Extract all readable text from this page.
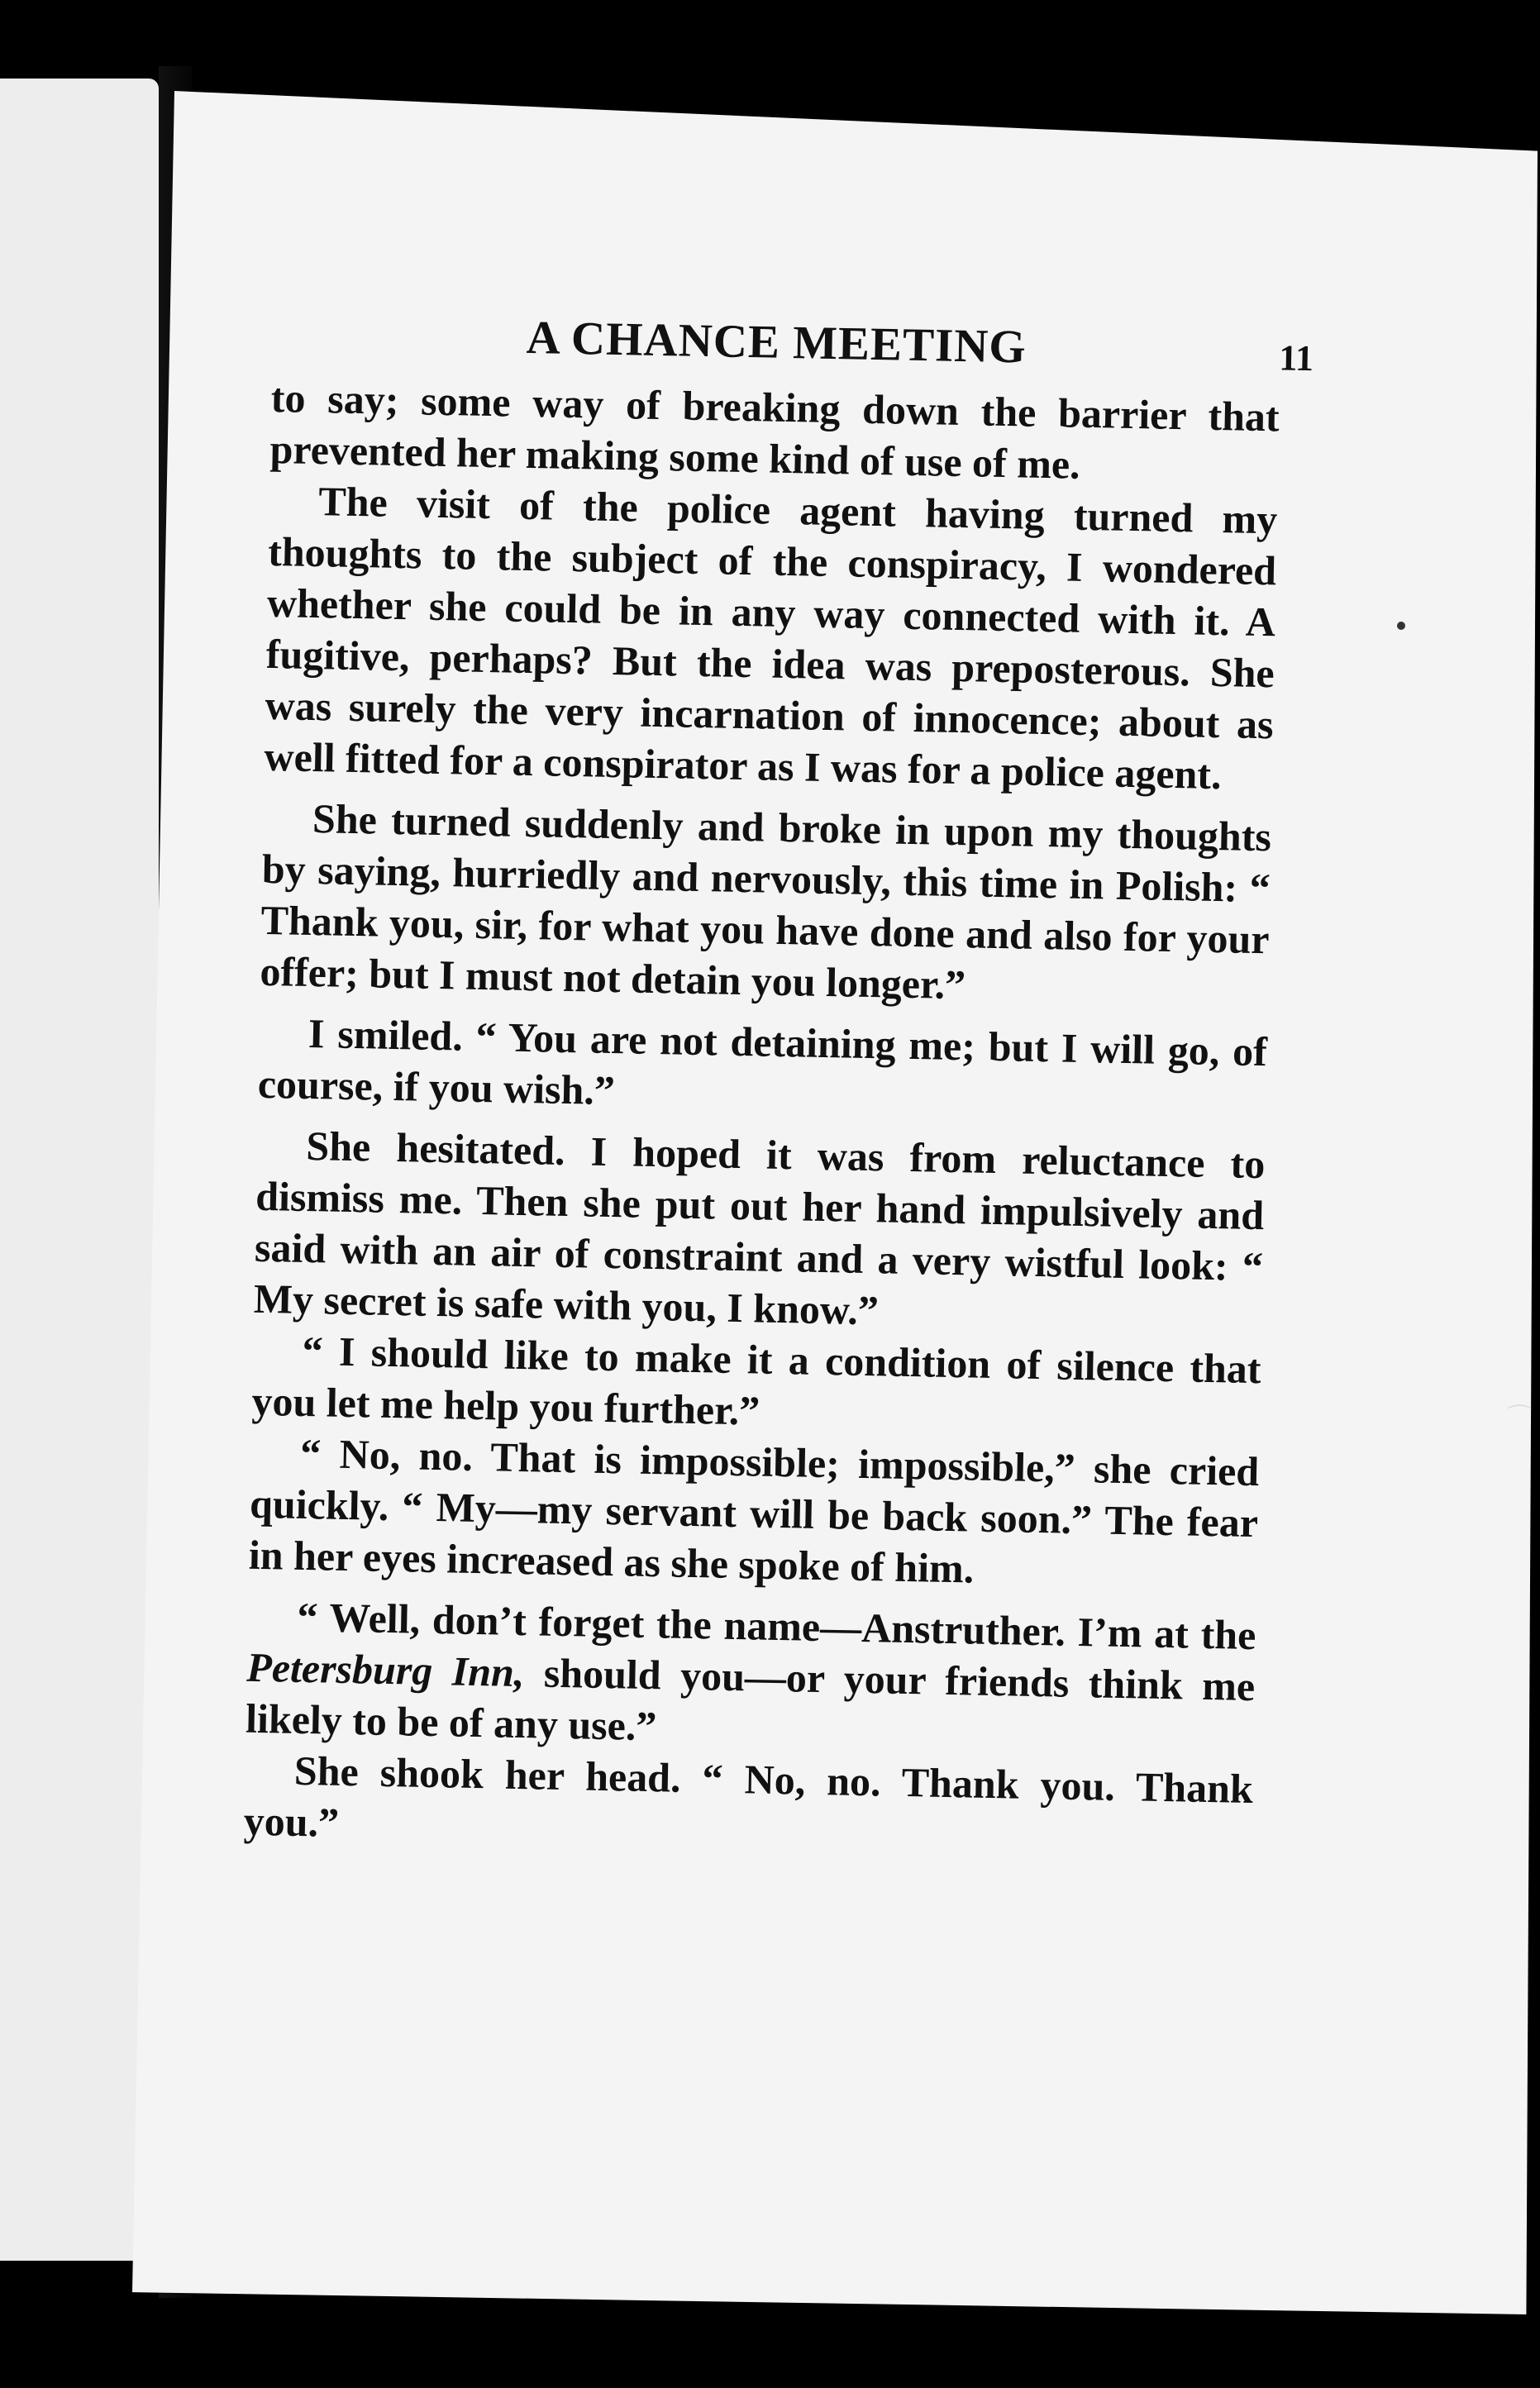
A CHANCE MEETING	11

to say; some way of breaking down the barrier that prevented her making some kind of use of me.

The visit of the police agent having turned my thoughts to the subject of the conspiracy, I wondered whether she could be in any way connected with it. A fugitive, perhaps? But the idea was preposterous. She was surely the very incarnation of innocence; about as well fitted for a conspirator as I was for a police agent.

She turned suddenly and broke in upon my thoughts by saying, hurriedly and nervously, this time in Polish: “ Thank you, sir, for what you have done and also for your offer; but I must not detain you longer.”

I smiled. “ You are not detaining me; but I will go, of course, if you wish.”

She hesitated. I hoped it was from reluctance to dismiss me. Then she put out her hand impulsively and said with an air of constraint and a very wistful look: “ My secret is safe with you, I know.”

“ I should like to make it a condition of silence that you let me help you further.”

“ No, no. That is impossible; impossible,” she cried quickly. “ My—my servant will be back soon.” The fear in her eyes increased as she spoke of him.

“ Well, don’t forget the name—Anstruther. I’m at the Petersburg Inn, should you—or your friends think me likely to be of any use.”

She shook her head. “ No, no. Thank you. Thank you.”

⌒
